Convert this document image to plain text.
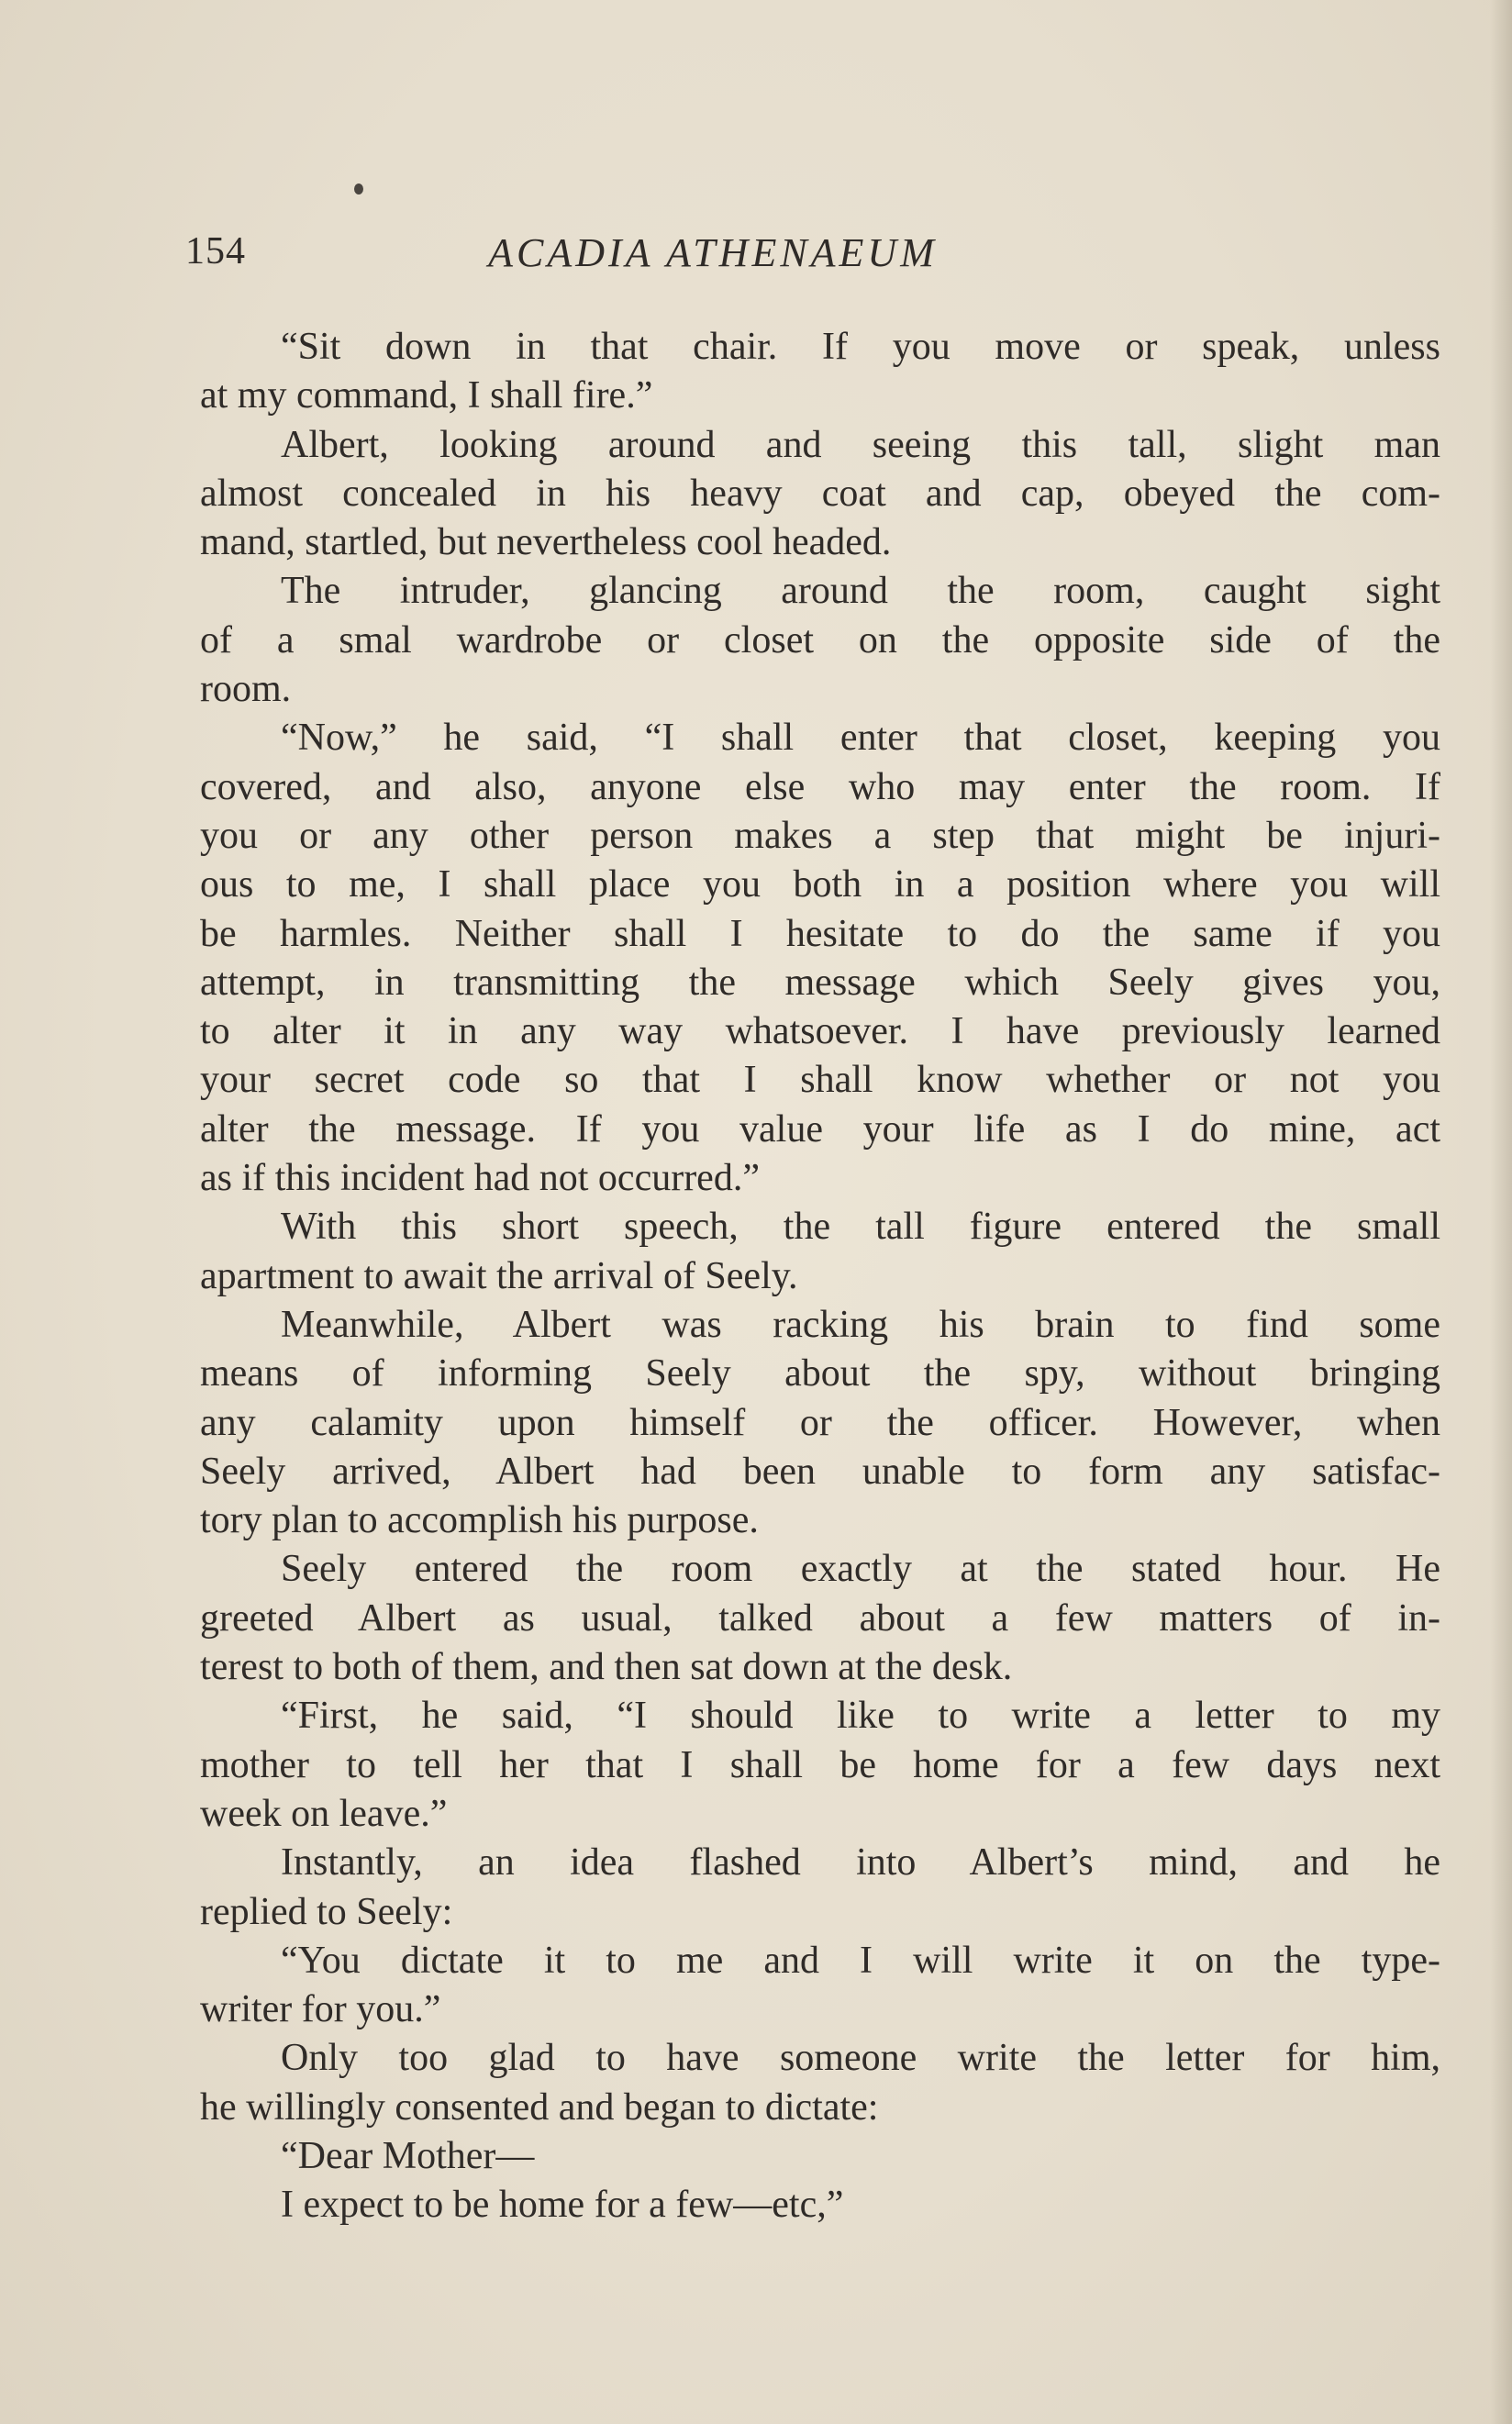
154	ACADIA ATHENAEUM
“Sit down in that chair. If you move or speak, unless
at my command, I shall fire.”
Albert, looking around and seeing this tall, slight man
almost concealed in his heavy coat and cap, obeyed the com-
mand, startled, but nevertheless cool headed.
The intruder, glancing around the room, caught sight
of a smal wardrobe or closet on the opposite side of the
room.
“Now,” he said, “I shall enter that closet, keeping you
covered, and also, anyone else who may enter the room. If
you or any other person makes a step that might be injuri-
ous to me, I shall place you both in a position where you will
be harmles. Neither shall I hesitate to do the same if you
attempt, in transmitting the message which Seely gives you,
to alter it in any way whatsoever. I have previously learned
your secret code so that I shall know whether or not you
alter the message. If you value your life as I do mine, act
as if this incident had not occurred.”
With this short speech, the tall figure entered the small
apartment to await the arrival of Seely.
Meanwhile, Albert was racking his brain to find some
means of informing Seely about the spy, without bringing
any calamity upon himself or the officer. However, when
Seely arrived, Albert had been unable to form any satisfac-
tory plan to accomplish his purpose.
Seely entered the room exactly at the stated hour. He
greeted Albert as usual, talked about a few matters of in-
terest to both of them, and then sat down at the desk.
“First, he said, “I should like to write a letter to my
mother to tell her that I shall be home for a few days next
week on leave.”
Instantly, an idea flashed into Albert’s mind, and he
replied to Seely:
“You dictate it to me and I will write it on the type-
writer for you.”
Only too glad to have someone write the letter for him,
he willingly consented and began to dictate:
“Dear Mother—
I expect to be home for a few—etc,”
